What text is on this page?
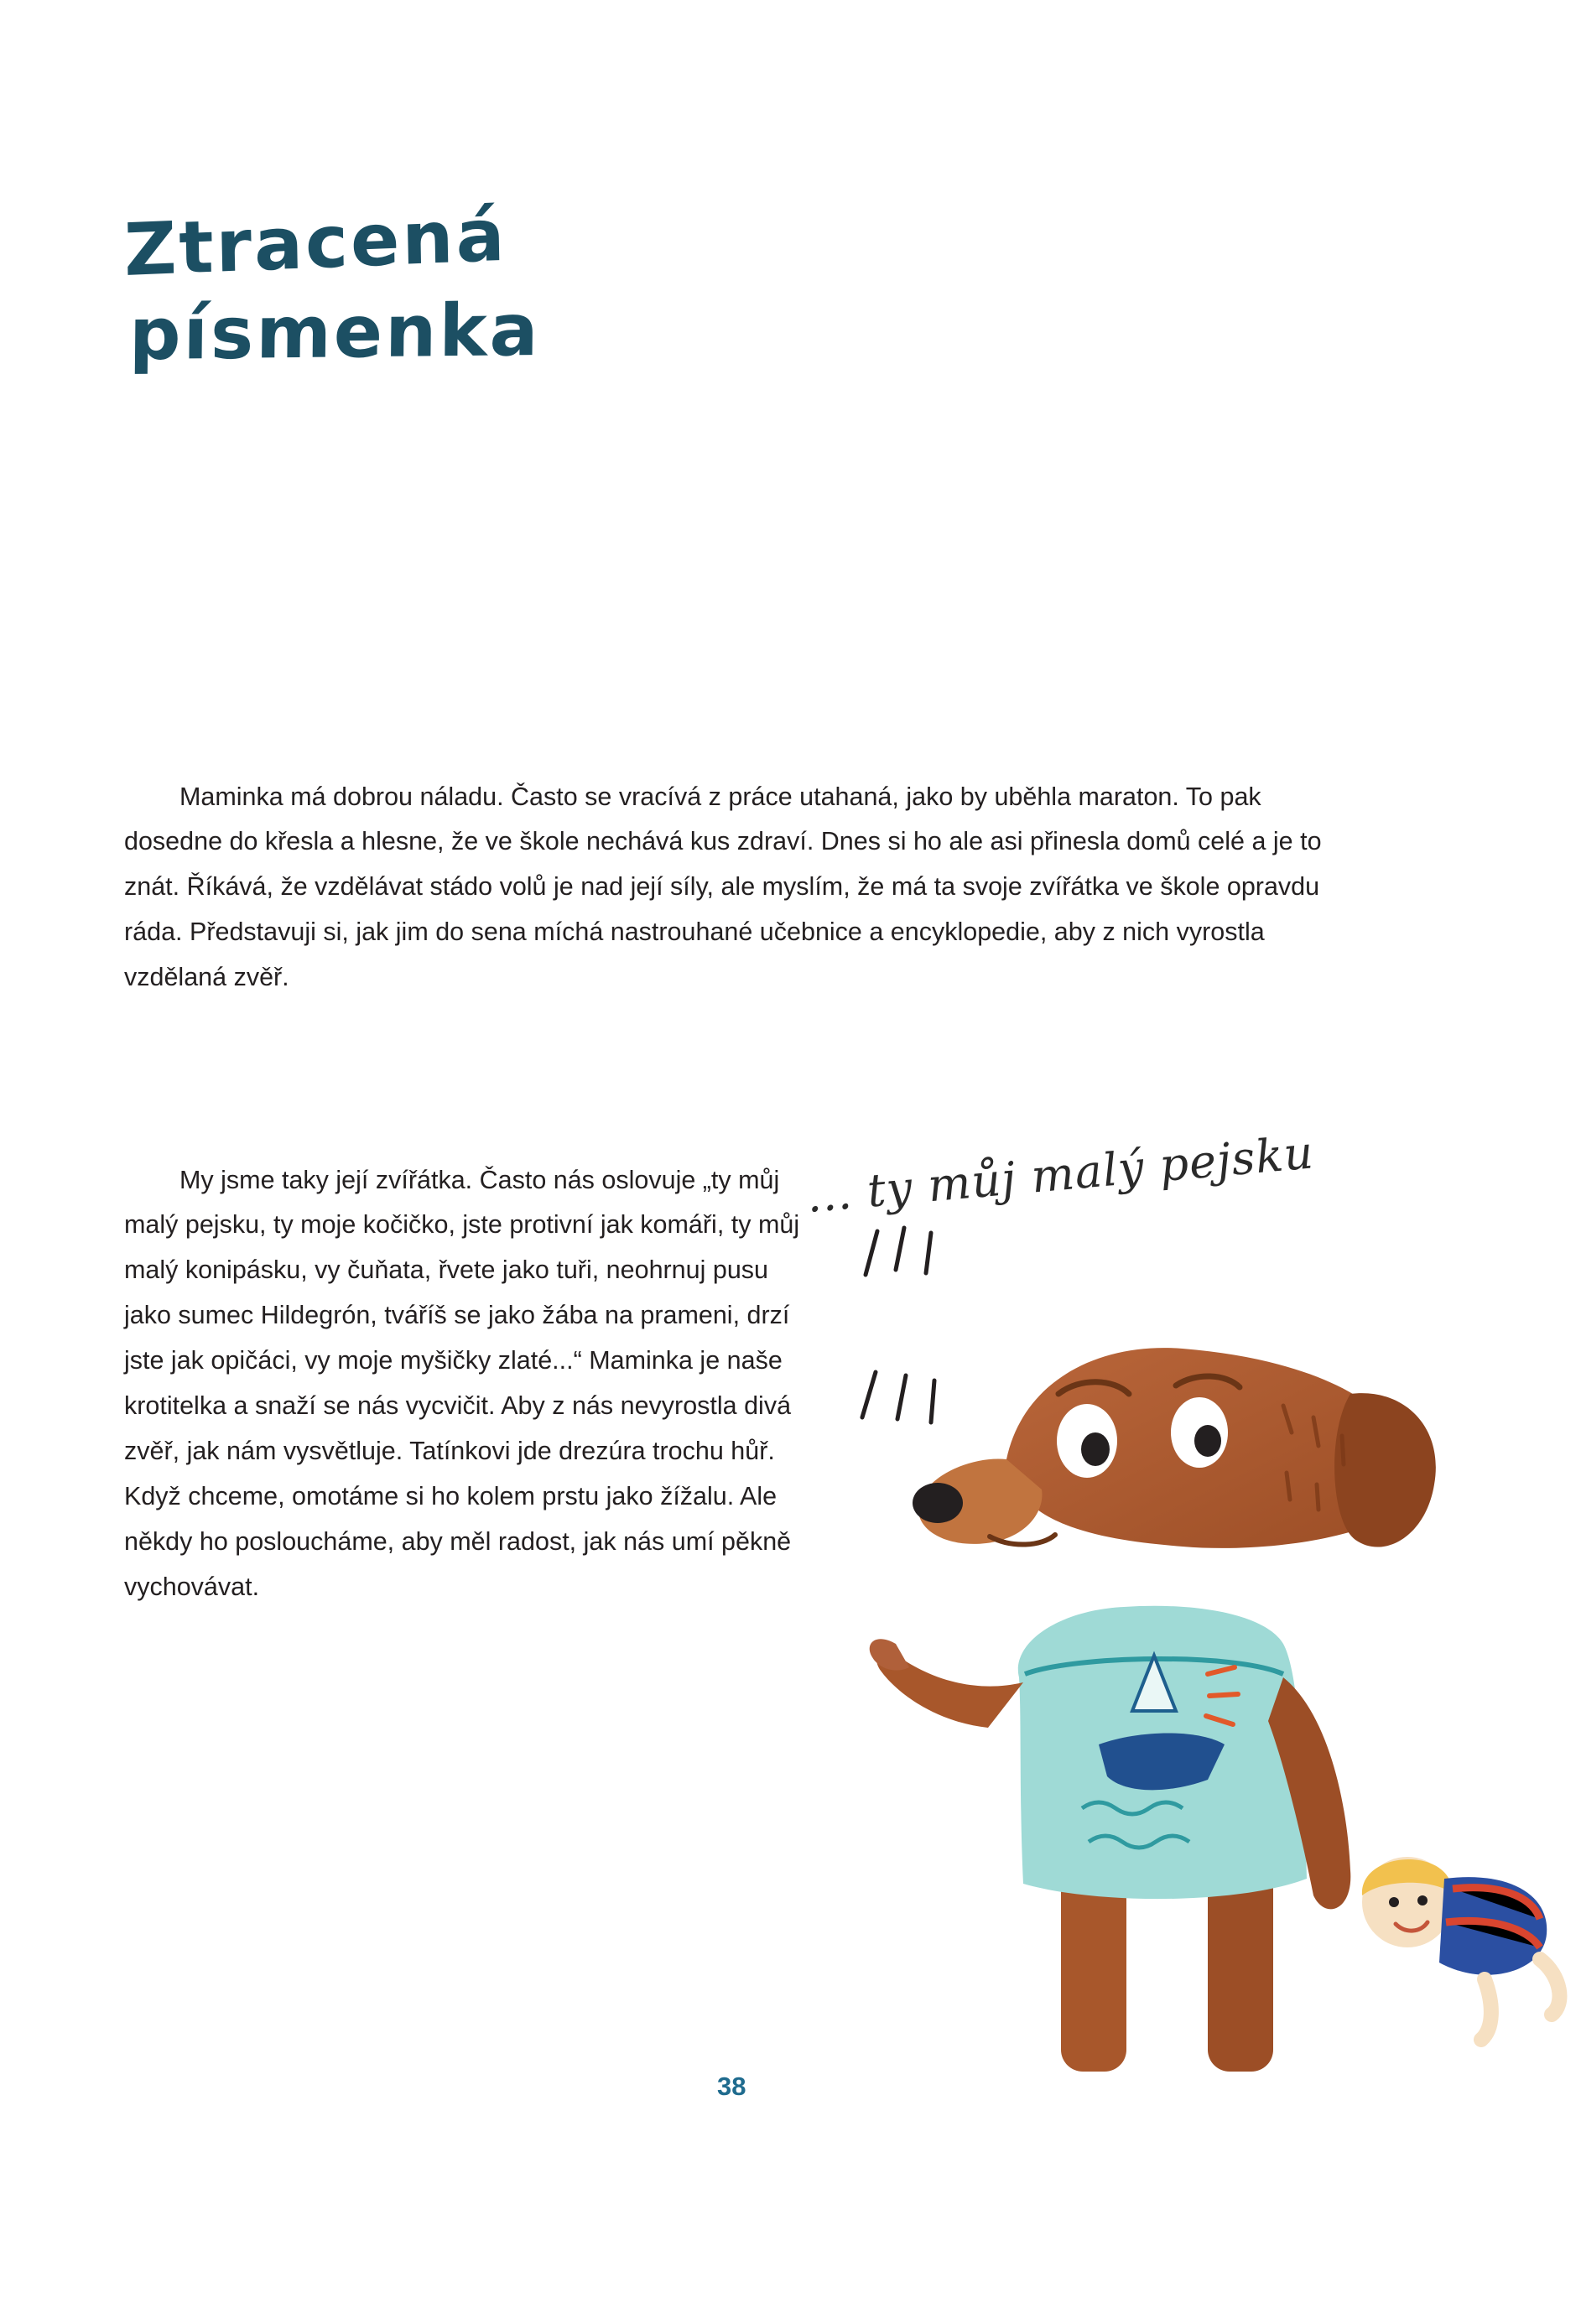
Ztracená
písmenka

Maminka má dobrou náladu. Často se vracívá z práce utahaná, jako by uběhla maraton. To pak dosedne do křesla a hlesne, že ve škole nechává kus zdraví. Dnes si ho ale asi přinesla domů celé a je to znát. Říkává, že vzdělávat stádo volů je nad její síly, ale myslím, že má ta svoje zvířátka ve škole opravdu ráda. Představuji si, jak jim do sena míchá nastrouhané učebnice a encyklopedie, aby z nich vyrostla vzdělaná zvěř.

My jsme taky její zvířátka. Často nás oslovuje „ty můj malý pejsku, ty moje kočičko, jste protivní jak komáři, ty můj malý konipásku, vy čuňata, řvete jako tuři, neohrnuj pusu jako sumec Hildegrón, tváříš se jako žába na prameni, drzí jste jak opičáci, vy moje myšičky zlaté...“ Maminka je naše krotitelka a snaží se nás vycvičit. Aby z nás nevyrostla divá zvěř, jak nám vysvětluje. Tatínkovi jde drezúra trochu hůř. Když chceme, omotáme si ho kolem prstu jako žížalu. Ale někdy ho posloucháme, aby měl radost, jak nás umí pěkně vychovávat.

... ty můj malý pejsku
38
